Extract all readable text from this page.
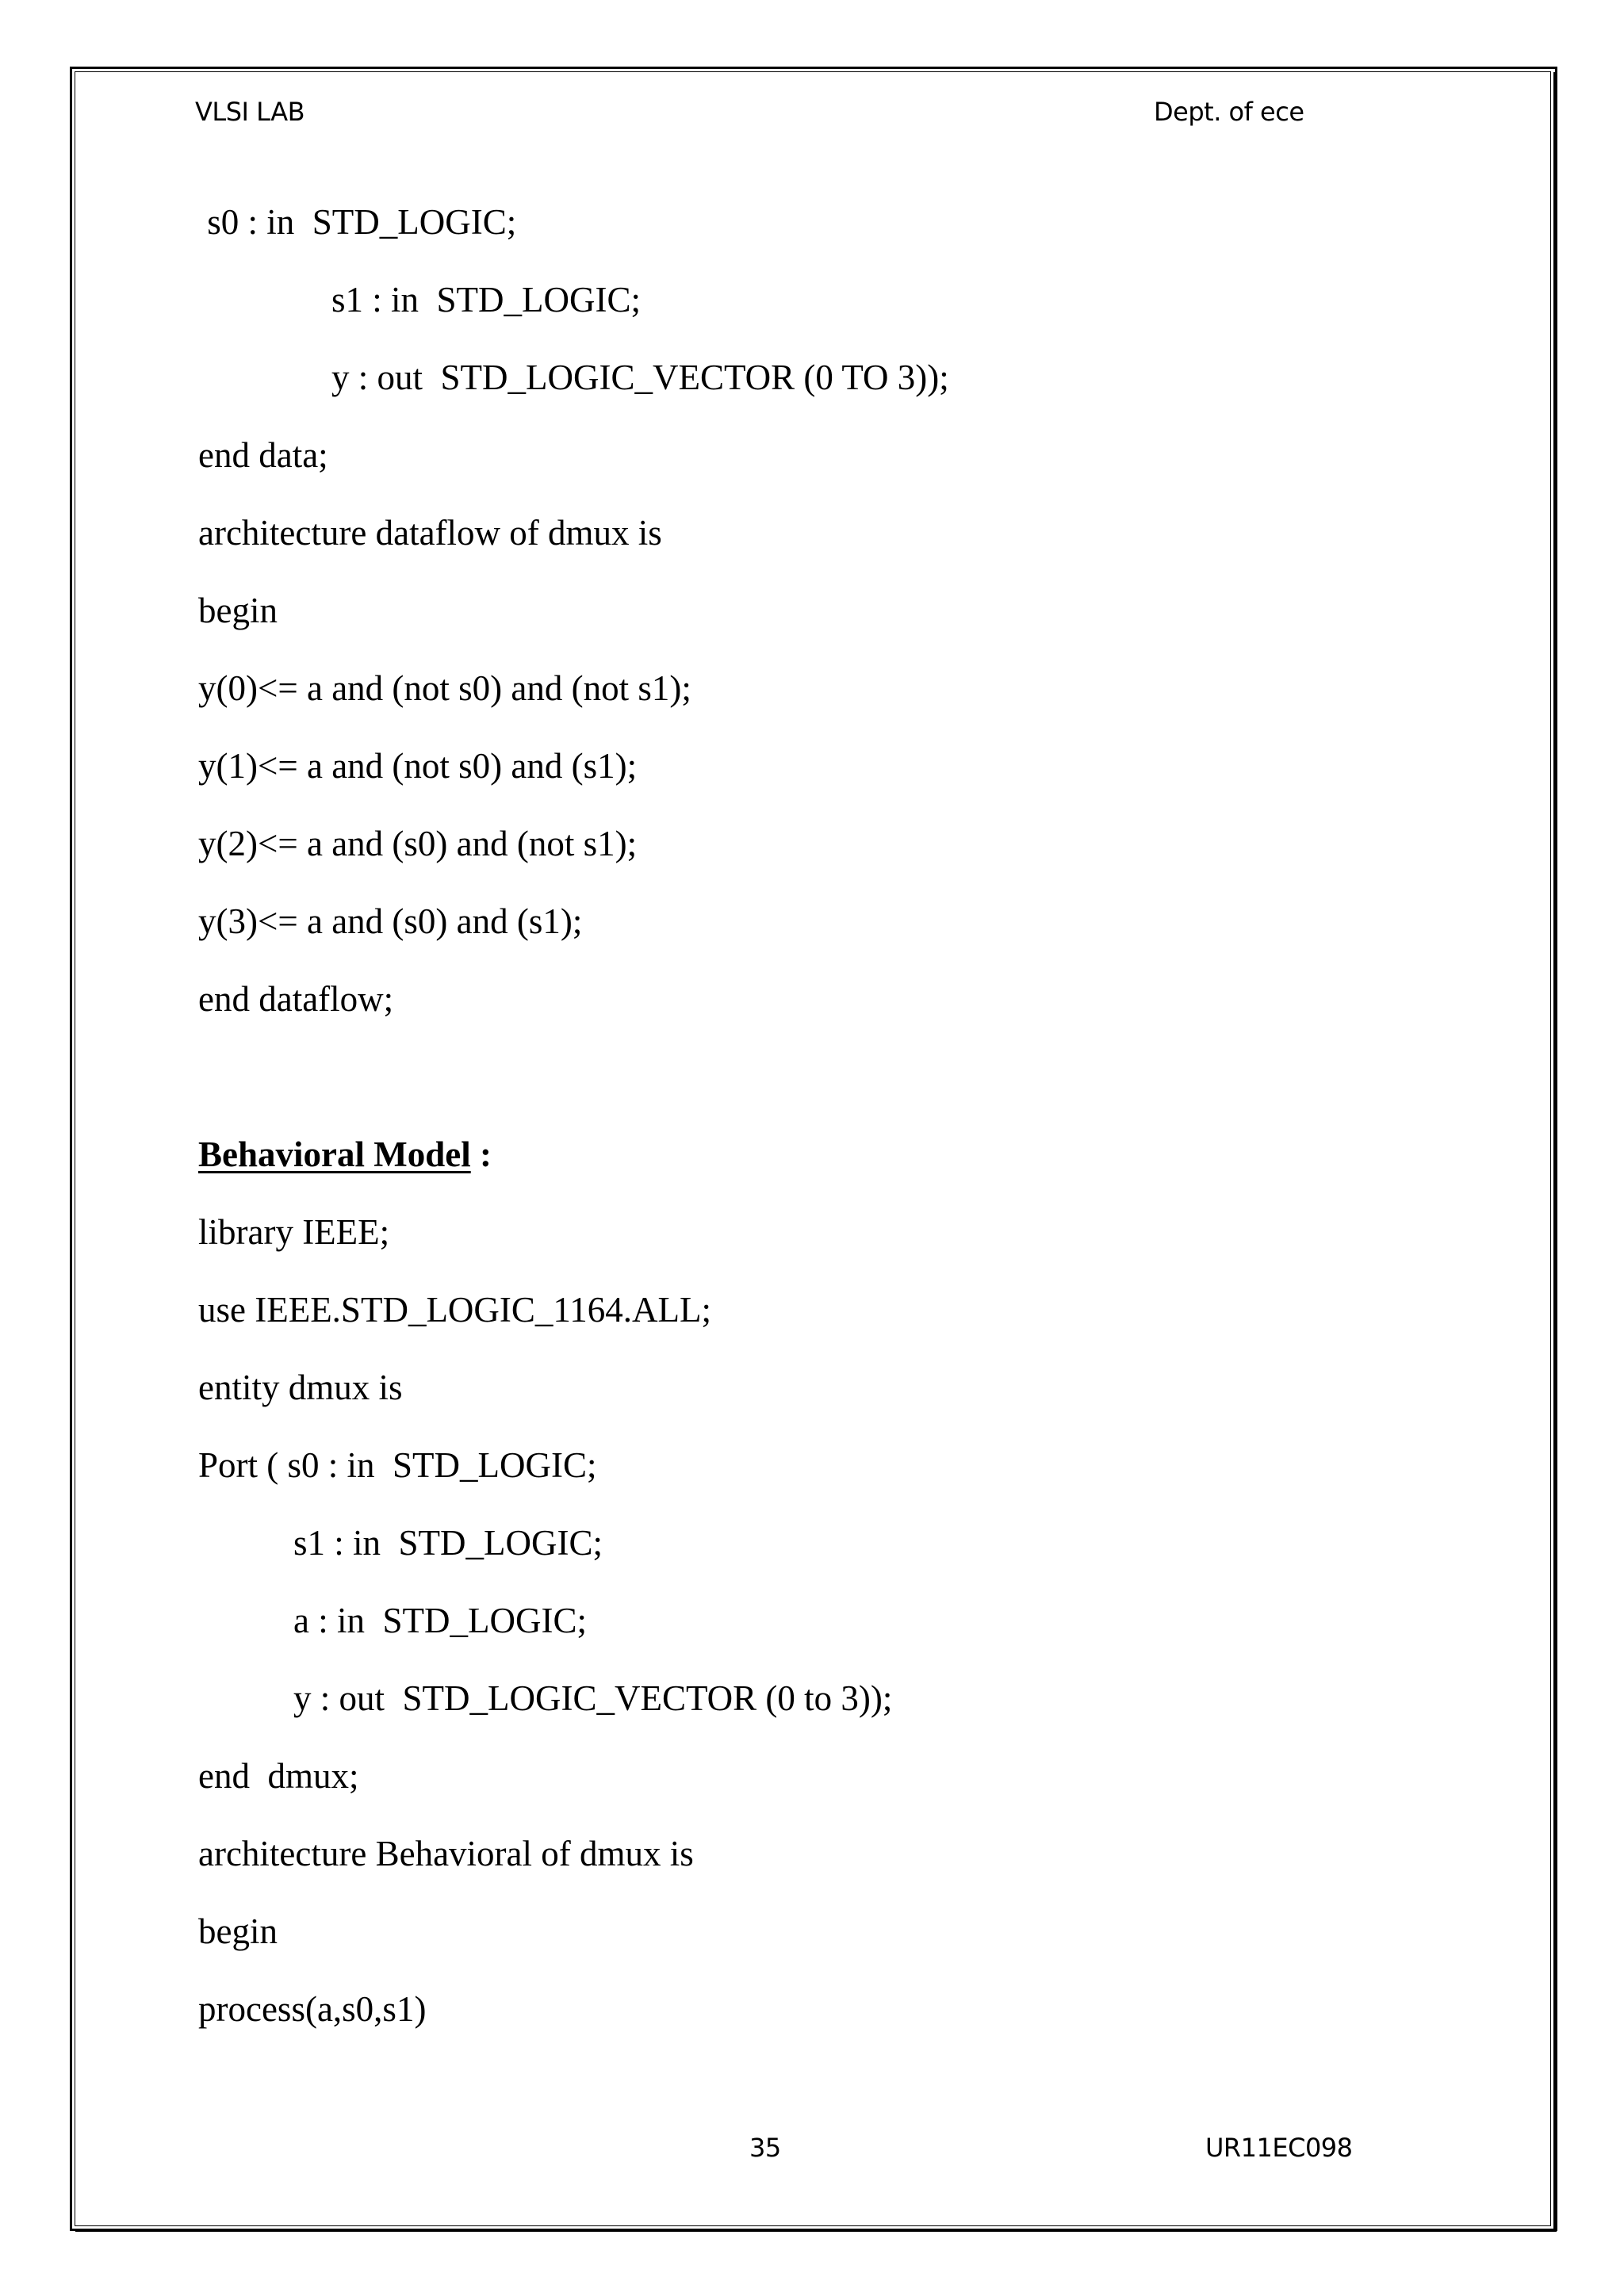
VLSI LAB	Dept. of ece
s0 : in  STD_LOGIC;
s1 : in  STD_LOGIC;
y : out  STD_LOGIC_VECTOR (0 TO 3));
end data;
architecture dataflow of dmux is
begin
y(0)<= a and (not s0) and (not s1);
y(1)<= a and (not s0) and (s1);
y(2)<= a and (s0) and (not s1);
y(3)<= a and (s0) and (s1);
end dataflow;
Behavioral Model :
library IEEE;
use IEEE.STD_LOGIC_1164.ALL;
entity dmux is
Port ( s0 : in  STD_LOGIC;
s1 : in  STD_LOGIC;
a : in  STD_LOGIC;
y : out  STD_LOGIC_VECTOR (0 to 3));
end  dmux;
architecture Behavioral of dmux is
begin
process(a,s0,s1)
35	UR11EC098
